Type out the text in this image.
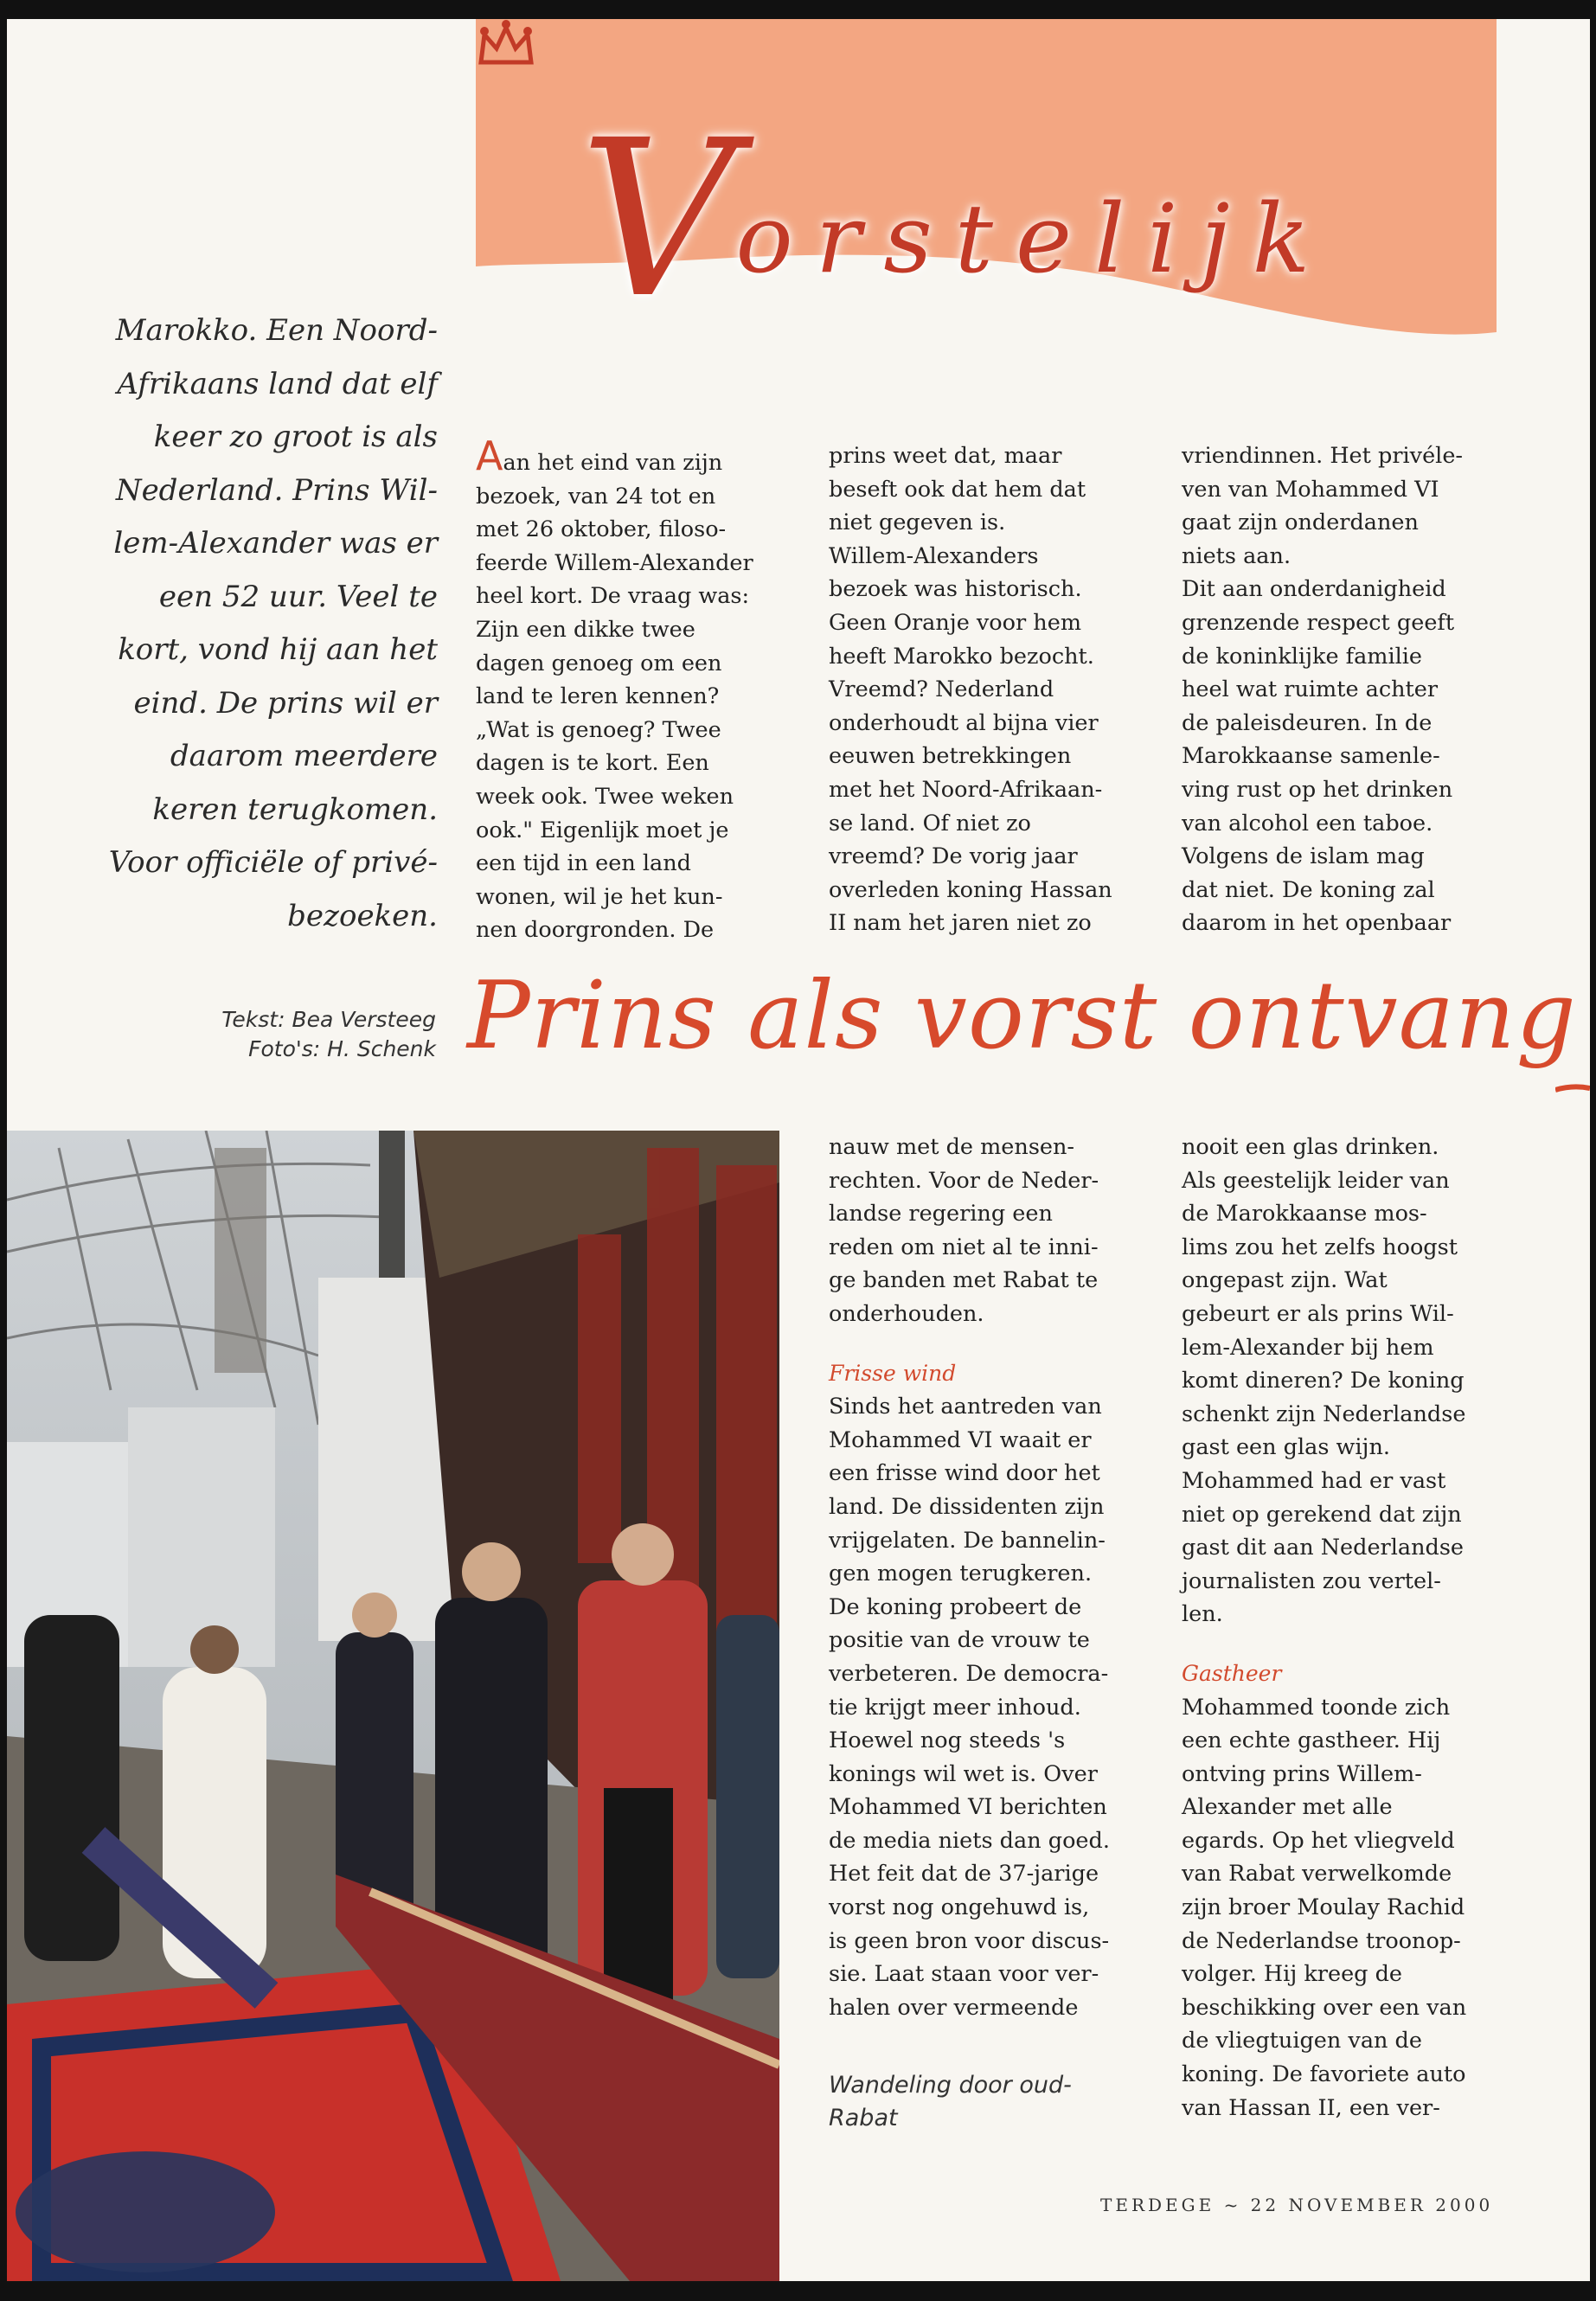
Vorstelijk
Marokko. Een Noord-
Afrikaans land dat elf
keer zo groot is als
Nederland. Prins Wil-
lem-Alexander was er
een 52 uur. Veel te
kort, vond hij aan het
eind. De prins wil er
daarom meerdere
keren terugkomen.
Voor officiële of privé-
bezoeken.
Tekst: Bea Versteeg
Foto's: H. Schenk
Aan het eind van zijn
bezoek, van 24 tot en
met 26 oktober, filoso-
feerde Willem-Alexander
heel kort. De vraag was:
Zijn een dikke twee
dagen genoeg om een
land te leren kennen?
„Wat is genoeg? Twee
dagen is te kort. Een
week ook. Twee weken
ook." Eigenlijk moet je
een tijd in een land
wonen, wil je het kun-
nen doorgronden. De
prins weet dat, maar
beseft ook dat hem dat
niet gegeven is.
Willem-Alexanders
bezoek was historisch.
Geen Oranje voor hem
heeft Marokko bezocht.
Vreemd? Nederland
onderhoudt al bijna vier
eeuwen betrekkingen
met het Noord-Afrikaan-
se land. Of niet zo
vreemd? De vorig jaar
overleden koning Hassan
II nam het jaren niet zo
vriendinnen. Het privéle-
ven van Mohammed VI
gaat zijn onderdanen
niets aan.
Dit aan onderdanigheid
grenzende respect geeft
de koninklijke familie
heel wat ruimte achter
de paleisdeuren. In de
Marokkaanse samenle-
ving rust op het drinken
van alcohol een taboe.
Volgens de islam mag
dat niet. De koning zal
daarom in het openbaar
Prins als vorst ontvang
nauw met de mensen-
rechten. Voor de Neder-
landse regering een
reden om niet al te inni-
ge banden met Rabat te
onderhouden.
Frisse wind
Sinds het aantreden van
Mohammed VI waait er
een frisse wind door het
land. De dissidenten zijn
vrijgelaten. De bannelin-
gen mogen terugkeren.
De koning probeert de
positie van de vrouw te
verbeteren. De democra-
tie krijgt meer inhoud.
Hoewel nog steeds 's
konings wil wet is. Over
Mohammed VI berichten
de media niets dan goed.
Het feit dat de 37-jarige
vorst nog ongehuwd is,
is geen bron voor discus-
sie. Laat staan voor ver-
halen over vermeende
nooit een glas drinken.
Als geestelijk leider van
de Marokkaanse mos-
lims zou het zelfs hoogst
ongepast zijn. Wat
gebeurt er als prins Wil-
lem-Alexander bij hem
komt dineren? De koning
schenkt zijn Nederlandse
gast een glas wijn.
Mohammed had er vast
niet op gerekend dat zijn
gast dit aan Nederlandse
journalisten zou vertel-
len.
Gastheer
Mohammed toonde zich
een echte gastheer. Hij
ontving prins Willem-
Alexander met alle
egards. Op het vliegveld
van Rabat verwelkomde
zijn broer Moulay Rachid
de Nederlandse troonop-
volger. Hij kreeg de
beschikking over een van
de vliegtuigen van de
koning. De favoriete auto
van Hassan II, een ver-
Wandeling door oud-
Rabat
TERDEGE ~ 22 NOVEMBER 2000
